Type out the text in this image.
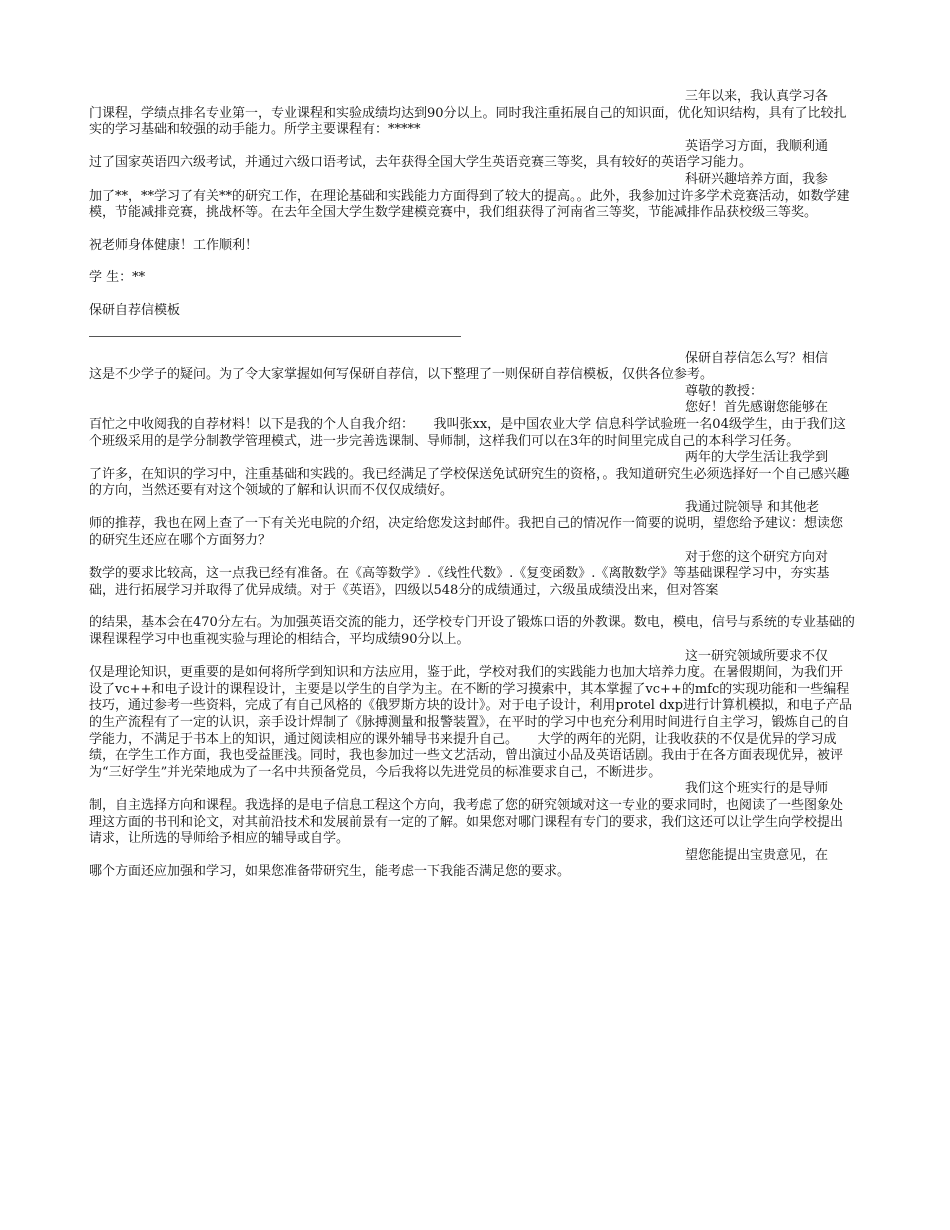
三年以来，我认真学习各

门课程，学绩点排名专业第一，专业课程和实验成绩均达到90分以上。同时我注重拓展自己的知识面，优化知识结构，具有了比较扎实的学习基础和较强的动手能力。所学主要课程有：*****

英语学习方面，我顺利通

过了国家英语四六级考试，并通过六级口语考试，去年获得全国大学生英语竞赛三等奖，具有较好的英语学习能力。

科研兴趣培养方面，我参

加了**，**学习了有关**的研究工作，在理论基础和实践能力方面得到了较大的提高。。此外，我参加过许多学术竞赛活动，如数学建模，节能减排竞赛，挑战杯等。在去年全国大学生数学建模竞赛中，我们组获得了河南省三等奖，节能减排作品获校级三等奖。

祝老师身体健康！工作顺利！

学 生：**

保研自荐信模板

保研自荐信怎么写？相信

这是不少学子的疑问。为了令大家掌握如何写保研自荐信，以下整理了一则保研自荐信模板，仅供各位参考。

尊敬的教授：

您好！首先感谢您能够在

百忙之中收阅我的自荐材料！以下是我的个人自我介绍：　　我叫张xx，是中国农业大学 信息科学试验班一名04级学生，由于我们这个班级采用的是学分制教学管理模式，进一步完善选课制、导师制，这样我们可以在3年的时间里完成自己的本科学习任务。

两年的大学生活让我学到

了许多，在知识的学习中，注重基础和实践的。我已经满足了学校保送免试研究生的资格，。我知道研究生必须选择好一个自己感兴趣的方向，当然还要有对这个领域的了解和认识而不仅仅成绩好。

我通过院领导 和其他老

师的推荐，我也在网上查了一下有关光电院的介绍，决定给您发这封邮件。我把自己的情况作一简要的说明，望您给予建议：想读您的研究生还应在哪个方面努力？

对于您的这个研究方向对

数学的要求比较高，这一点我已经有准备。在《高等数学》.《线性代数》.《复变函数》.《离散数学》等基础课程学习中，夯实基础，进行拓展学习并取得了优异成绩。对于《英语》，四级以548分的成绩通过，六级虽成绩没出来，但对答案

的结果，基本会在470分左右。为加强英语交流的能力，还学校专门开设了锻炼口语的外教课。数电，模电，信号与系统的专业基础的课程课程学习中也重视实验与理论的相结合，平均成绩90分以上。

这一研究领域所要求不仅

仅是理论知识，更重要的是如何将所学到知识和方法应用，鉴于此，学校对我们的实践能力也加大培养力度。在暑假期间，为我们开设了vc++和电子设计的课程设计，主要是以学生的自学为主。在不断的学习摸索中，其本掌握了vc++的mfc的实现功能和一些编程技巧，通过参考一些资料，完成了有自己风格的《俄罗斯方块的设计》。对于电子设计，利用protel dxp进行计算机模拟，和电子产品的生产流程有了一定的认识，亲手设计焊制了《脉搏测量和报警装置》，在平时的学习中也充分利用时间进行自主学习，锻炼自己的自学能力，不满足于书本上的知识，通过阅读相应的课外辅导书来提升自己。　　大学的两年的光阴，让我收获的不仅是优异的学习成绩，在学生工作方面，我也受益匪浅。同时，我也参加过一些文艺活动，曾出演过小品及英语话剧。我由于在各方面表现优异，被评为“三好学生”并光荣地成为了一名中共预备党员，今后我将以先进党员的标准要求自己，不断进步。

我们这个班实行的是导师

制，自主选择方向和课程。我选择的是电子信息工程这个方向，我考虑了您的研究领域对这一专业的要求同时，也阅读了一些图象处理这方面的书刊和论文，对其前沿技术和发展前景有一定的了解。如果您对哪门课程有专门的要求，我们这还可以让学生向学校提出请求，让所选的导师给予相应的辅导或自学。

望您能提出宝贵意见，在

哪个方面还应加强和学习，如果您准备带研究生，能考虑一下我能否满足您的要求。
